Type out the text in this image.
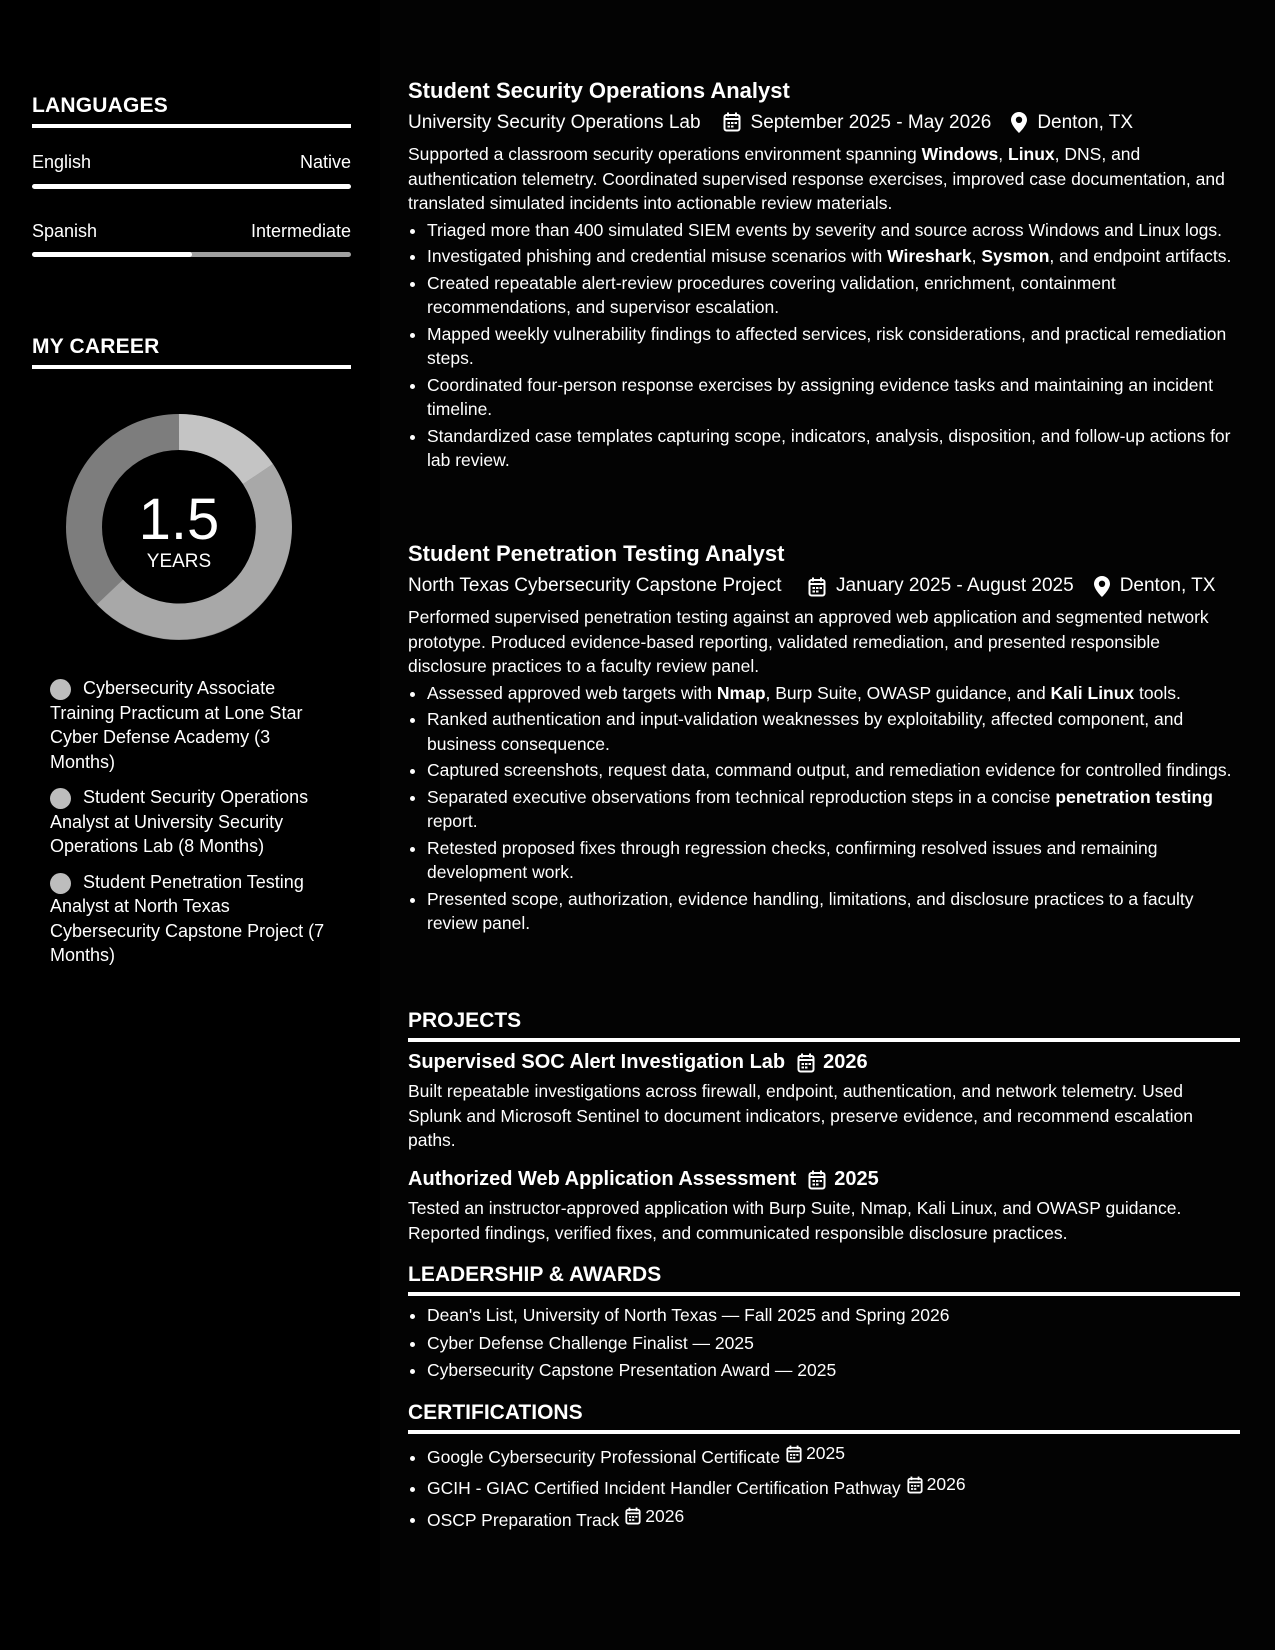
LANGUAGES
English	Native
Spanish	Intermediate
MY CAREER
1.5
YEARS
Cybersecurity Associate Training Practicum at Lone Star Cyber Defense Academy (3 Months)
Student Security Operations Analyst at University Security Operations Lab (8 Months)
Student Penetration Testing Analyst at North Texas Cybersecurity Capstone Project (7 Months)
Student Security Operations Analyst
University Security Operations Lab	September 2025 - May 2026 Denton, TX
Supported a classroom security operations environment spanning Windows, Linux, DNS, and authentication telemetry. Coordinated supervised response exercises, improved case documentation, and translated simulated incidents into actionable review materials.
• Triaged more than 400 simulated SIEM events by severity and source across Windows and Linux logs.
• Investigated phishing and credential misuse scenarios with Wireshark, Sysmon, and endpoint artifacts.
• Created repeatable alert-review procedures covering validation, enrichment, containment recommendations, and supervisor escalation.
• Mapped weekly vulnerability findings to affected services, risk considerations, and practical remediation steps.
• Coordinated four-person response exercises by assigning evidence tasks and maintaining an incident timeline.
• Standardized case templates capturing scope, indicators, analysis, disposition, and follow-up actions for lab review.
Student Penetration Testing Analyst
North Texas Cybersecurity Capstone Project	January 2025 - August 2025 Denton, TX
Performed supervised penetration testing against an approved web application and segmented network prototype. Produced evidence-based reporting, validated remediation, and presented responsible disclosure practices to a faculty review panel.
• Assessed approved web targets with Nmap, Burp Suite, OWASP guidance, and Kali Linux tools.
• Ranked authentication and input-validation weaknesses by exploitability, affected component, and business consequence.
• Captured screenshots, request data, command output, and remediation evidence for controlled findings.
• Separated executive observations from technical reproduction steps in a concise penetration testing report.
• Retested proposed fixes through regression checks, confirming resolved issues and remaining development work.
• Presented scope, authorization, evidence handling, limitations, and disclosure practices to a faculty review panel.
PROJECTS
Supervised SOC Alert Investigation Lab 2026
Built repeatable investigations across firewall, endpoint, authentication, and network telemetry. Used Splunk and Microsoft Sentinel to document indicators, preserve evidence, and recommend escalation paths.
Authorized Web Application Assessment 2025
Tested an instructor-approved application with Burp Suite, Nmap, Kali Linux, and OWASP guidance. Reported findings, verified fixes, and communicated responsible disclosure practices.
LEADERSHIP & AWARDS
• Dean's List, University of North Texas — Fall 2025 and Spring 2026
• Cyber Defense Challenge Finalist — 2025
• Cybersecurity Capstone Presentation Award — 2025
CERTIFICATIONS
• Google Cybersecurity Professional Certificate 2025
• GCIH - GIAC Certified Incident Handler Certification Pathway 2026
• OSCP Preparation Track 2026
